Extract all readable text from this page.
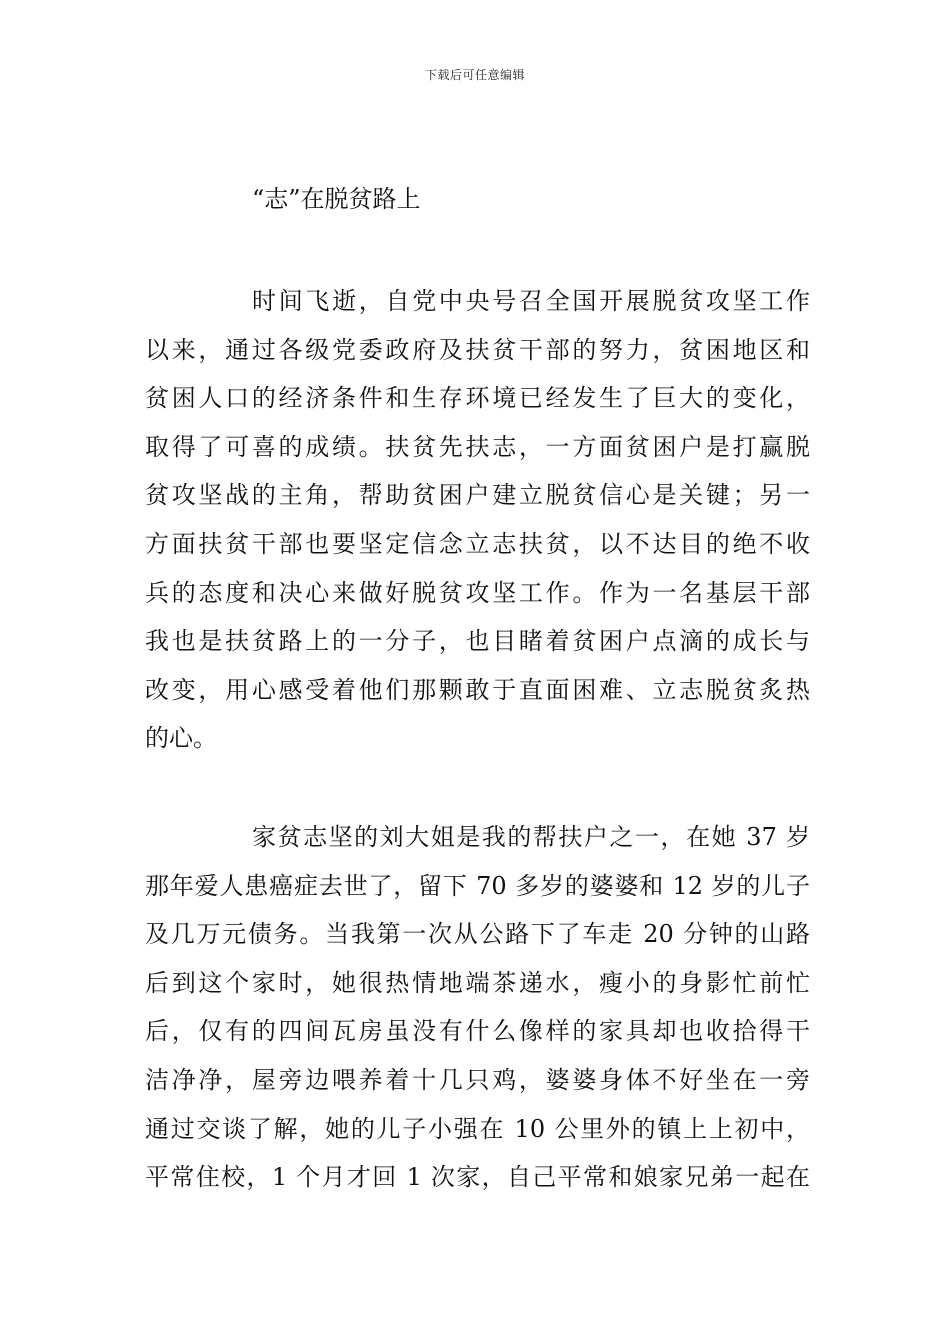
下载后可任意编辑
“志”在脱贫路上
时间飞逝，自党中央号召全国开展脱贫攻坚工作
以来，通过各级党委政府及扶贫干部的努力，贫困地区和
贫困人口的经济条件和生存环境已经发生了巨大的变化，
取得了可喜的成绩。扶贫先扶志，一方面贫困户是打赢脱
贫攻坚战的主角，帮助贫困户建立脱贫信心是关键；另一
方面扶贫干部也要坚定信念立志扶贫，以不达目的绝不收
兵的态度和决心来做好脱贫攻坚工作。作为一名基层干部
我也是扶贫路上的一分子，也目睹着贫困户点滴的成长与
改变，用心感受着他们那颗敢于直面困难、立志脱贫炙热
的心。
家贫志坚的刘大姐是我的帮扶户之一，在她 37 岁
那年爱人患癌症去世了，留下 70 多岁的婆婆和 12 岁的儿子
及几万元债务。当我第一次从公路下了车走 20 分钟的山路
后到这个家时，她很热情地端茶递水，瘦小的身影忙前忙
后，仅有的四间瓦房虽没有什么像样的家具却也收拾得干
洁净净，屋旁边喂养着十几只鸡，婆婆身体不好坐在一旁
通过交谈了解，她的儿子小强在 10 公里外的镇上上初中，
平常住校，1 个月才回 1 次家，自己平常和娘家兄弟一起在
